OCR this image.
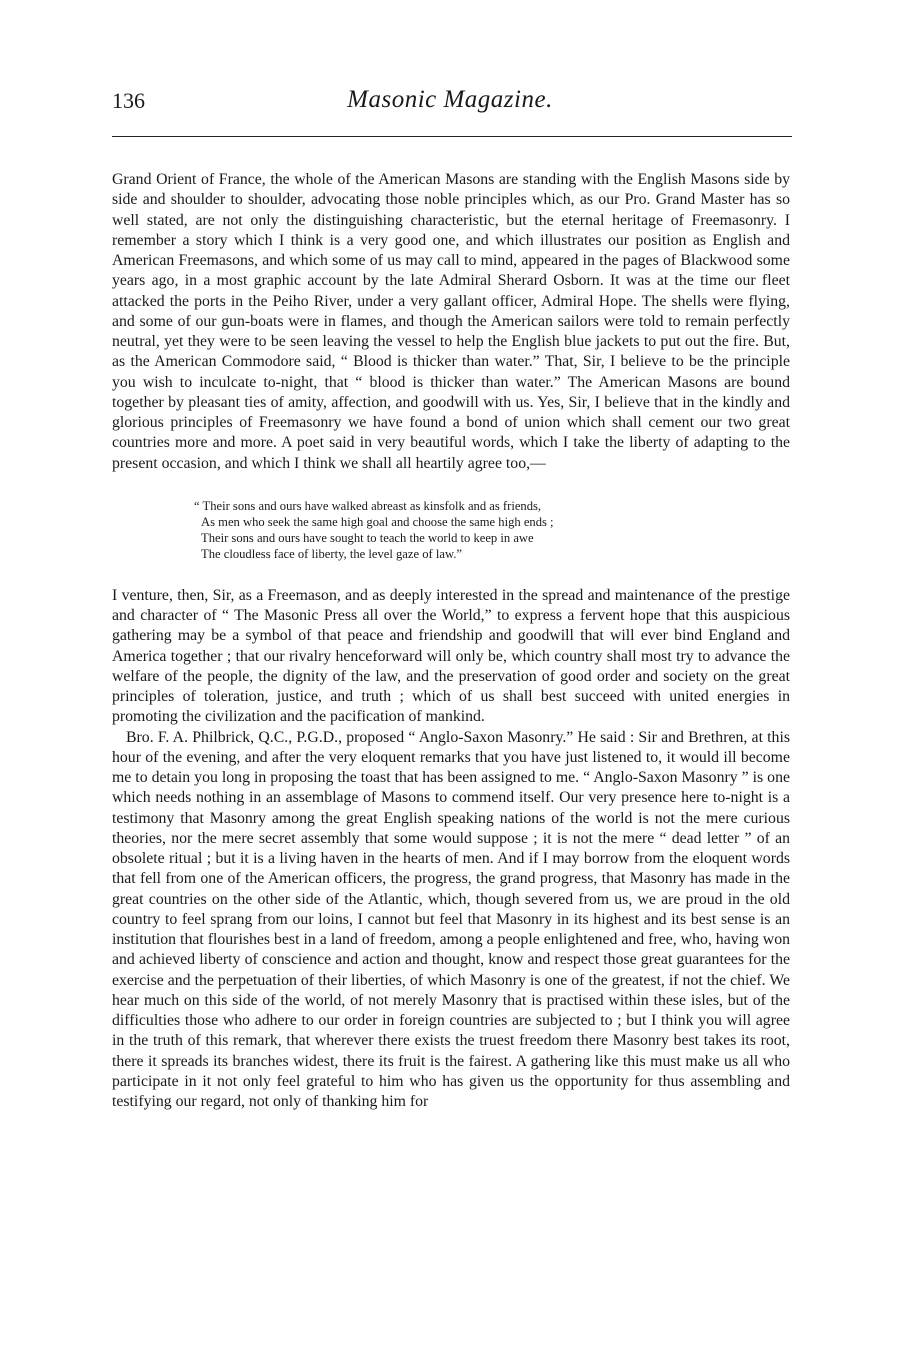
136	Masonic Magazine.

Grand Orient of France, the whole of the American Masons are standing with the English Masons side by side and shoulder to shoulder, advocating those noble principles which, as our Pro. Grand Master has so well stated, are not only the distinguishing characteristic, but the eternal heritage of Freemasonry. I remember a story which I think is a very good one, and which illustrates our position as English and American Freemasons, and which some of us may call to mind, appeared in the pages of Blackwood some years ago, in a most graphic account by the late Admiral Sherard Osborn. It was at the time our fleet attacked the ports in the Peiho River, under a very gallant officer, Admiral Hope. The shells were flying, and some of our gun-boats were in flames, and though the American sailors were told to remain perfectly neutral, yet they were to be seen leaving the vessel to help the English blue jackets to put out the fire. But, as the American Commodore said, “ Blood is thicker than water.” That, Sir, I believe to be the principle you wish to inculcate to-night, that “ blood is thicker than water.” The American Masons are bound together by pleasant ties of amity, affection, and goodwill with us. Yes, Sir, I believe that in the kindly and glorious principles of Freemasonry we have found a bond of union which shall cement our two great countries more and more. A poet said in very beautiful words, which I take the liberty of adapting to the present occasion, and which I think we shall all heartily agree too,—

“ Their sons and ours have walked abreast as kinsfolk and as friends,
As men who seek the same high goal and choose the same high ends ;
Their sons and ours have sought to teach the world to keep in awe
The cloudless face of liberty, the level gaze of law.”

I venture, then, Sir, as a Freemason, and as deeply interested in the spread and maintenance of the prestige and character of “ The Masonic Press all over the World,” to express a fervent hope that this auspicious gathering may be a symbol of that peace and friendship and goodwill that will ever bind England and America together ; that our rivalry henceforward will only be, which country shall most try to advance the welfare of the people, the dignity of the law, and the preservation of good order and society on the great principles of toleration, justice, and truth ; which of us shall best succeed with united energies in promoting the civilization and the pacification of mankind.

Bro. F. A. Philbrick, Q.C., P.G.D., proposed “ Anglo-Saxon Masonry.” He said : Sir and Brethren, at this hour of the evening, and after the very eloquent remarks that you have just listened to, it would ill become me to detain you long in proposing the toast that has been assigned to me. “ Anglo-Saxon Masonry ” is one which needs nothing in an assemblage of Masons to commend itself. Our very presence here to-night is a testimony that Masonry among the great English speaking nations of the world is not the mere curious theories, nor the mere secret assembly that some would suppose ; it is not the mere “ dead letter ” of an obsolete ritual ; but it is a living haven in the hearts of men. And if I may borrow from the eloquent words that fell from one of the American officers, the progress, the grand progress, that Masonry has made in the great countries on the other side of the Atlantic, which, though severed from us, we are proud in the old country to feel sprang from our loins, I cannot but feel that Masonry in its highest and its best sense is an institution that flourishes best in a land of freedom, among a people enlightened and free, who, having won and achieved liberty of conscience and action and thought, know and respect those great guarantees for the exercise and the perpetuation of their liberties, of which Masonry is one of the greatest, if not the chief. We hear much on this side of the world, of not merely Masonry that is practised within these isles, but of the difficulties those who adhere to our order in foreign countries are subjected to ; but I think you will agree in the truth of this remark, that wherever there exists the truest freedom there Masonry best takes its root, there it spreads its branches widest, there its fruit is the fairest. A gathering like this must make us all who participate in it not only feel grateful to him who has given us the opportunity for thus assembling and testifying our regard, not only of thanking him for
